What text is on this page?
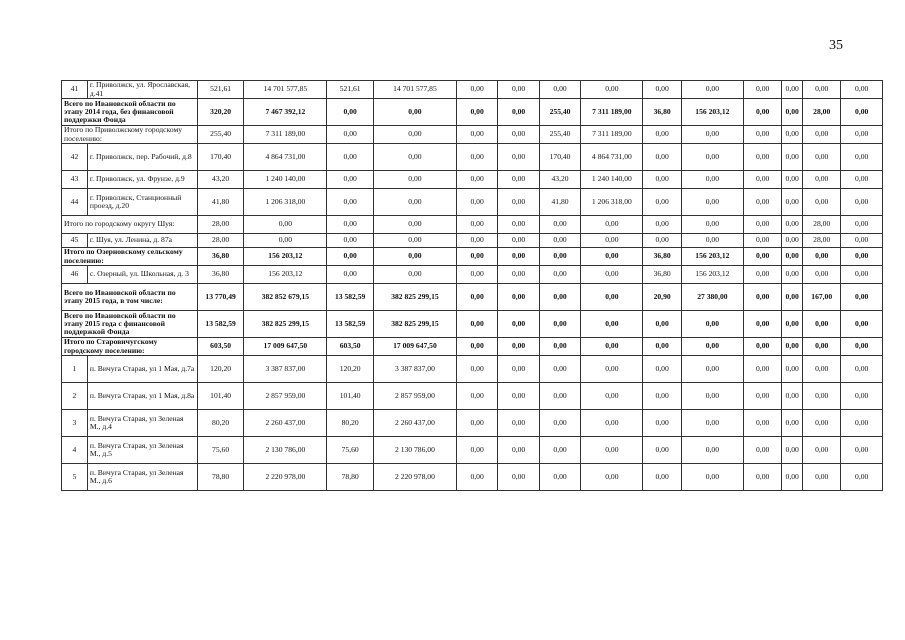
35
41	г. Приволжск, ул. Ярославская, д.41	521,61	14 701 577,85	521,61	14 701 577,85	0,00	0,00	0,00	0,00	0,00	0,00	0,00	0,00	0,00	0,00
Всего по Ивановской области по этапу 2014 года, без финансовой поддержки Фонда		320,20	7 467 392,12	0,00	0,00	0,00	0,00	255,40	7 311 189,00	36,80	156 203,12	0,00	0,00	28,00	0,00
Итого по Приволжскому городскому поселению:		255,40	7 311 189,00	0,00	0,00	0,00	0,00	255,40	7 311 189,00	0,00	0,00	0,00	0,00	0,00	0,00
42	г. Приволжск, пер. Рабочий, д.8	170,40	4 864 731,00	0,00	0,00	0,00	0,00	170,40	4 864 731,00	0,00	0,00	0,00	0,00	0,00	0,00
43	г. Приволжск, ул. Фрунзе, д.9	43,20	1 240 140,00	0,00	0,00	0,00	0,00	43,20	1 240 140,00	0,00	0,00	0,00	0,00	0,00	0,00
44	г. Приволжск, Станционный проезд, д.20	41,80	1 206 318,00	0,00	0,00	0,00	0,00	41,80	1 206 318,00	0,00	0,00	0,00	0,00	0,00	0,00
Итого по городскому округу Шуя:		28,00	0,00	0,00	0,00	0,00	0,00	0,00	0,00	0,00	0,00	0,00	0,00	28,00	0,00
45	г. Шуя, ул. Ленина, д. 87а	28,00	0,00	0,00	0,00	0,00	0,00	0,00	0,00	0,00	0,00	0,00	0,00	28,00	0,00
Итого по Озерновскому сельскому поселению:		36,80	156 203,12	0,00	0,00	0,00	0,00	0,00	0,00	36,80	156 203,12	0,00	0,00	0,00	0,00
46	с. Озерный, ул. Школьная, д. 3	36,80	156 203,12	0,00	0,00	0,00	0,00	0,00	0,00	36,80	156 203,12	0,00	0,00	0,00	0,00
Всего по Ивановской области по этапу 2015 года, в том числе:		13 770,49	382 852 679,15	13 582,59	382 825 299,15	0,00	0,00	0,00	0,00	20,90	27 380,00	0,00	0,00	167,00	0,00
Всего по Ивановской области по этапу 2015 года с финансовой поддержкой Фонда		13 582,59	382 825 299,15	13 582,59	382 825 299,15	0,00	0,00	0,00	0,00	0,00	0,00	0,00	0,00	0,00	0,00
Итого по Старовичугскому городскому поселению:		603,50	17 009 647,50	603,50	17 009 647,50	0,00	0,00	0,00	0,00	0,00	0,00	0,00	0,00	0,00	0,00
1	п. Вичуга Старая, ул 1 Мая, д.7а	120,20	3 387 837,00	120,20	3 387 837,00	0,00	0,00	0,00	0,00	0,00	0,00	0,00	0,00	0,00	0,00
2	п. Вичуга Старая, ул 1 Мая, д.8а	101,40	2 857 959,00	101,40	2 857 959,00	0,00	0,00	0,00	0,00	0,00	0,00	0,00	0,00	0,00	0,00
3	п. Вичуга Старая, ул Зеленая М., д.4	80,20	2 260 437,00	80,20	2 260 437,00	0,00	0,00	0,00	0,00	0,00	0,00	0,00	0,00	0,00	0,00
4	п. Вичуга Старая, ул Зеленая М., д.5	75,60	2 130 786,00	75,60	2 130 786,00	0,00	0,00	0,00	0,00	0,00	0,00	0,00	0,00	0,00	0,00
5	п. Вичуга Старая, ул Зеленая М., д.6	78,80	2 220 978,00	78,80	2 220 978,00	0,00	0,00	0,00	0,00	0,00	0,00	0,00	0,00	0,00	0,00
